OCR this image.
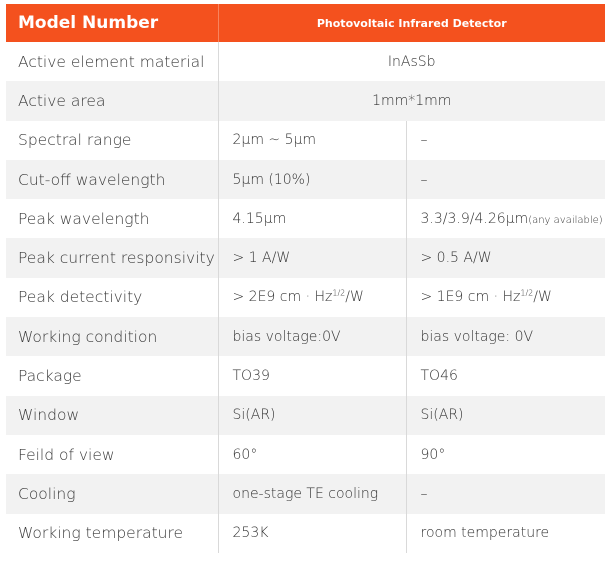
Model Number	Photovoltaic Infrared Detector	
Active element material	InAsSb	
Active area	1mm*1mm	
Spectral range	2μm ~ 5μm	–
Cut-off wavelength	5μm (10%)	–
Peak wavelength	4.15μm	3.3/3.9/4.26μm(any available)
Peak current responsivity	> 1 A/W	> 0.5 A/W
Peak detectivity	> 2E9 cm · $Hz^{1/2}/W$	> 1E9 cm · $Hz^{1/2}/W$
Working condition	bias voltage:0V	bias voltage: 0V
Package	TO39	TO46
Window	Si(AR)	Si(AR)
Feild of view	60°	90°
Cooling	one-stage TE cooling	–
Working temperature	253K	room temperature
